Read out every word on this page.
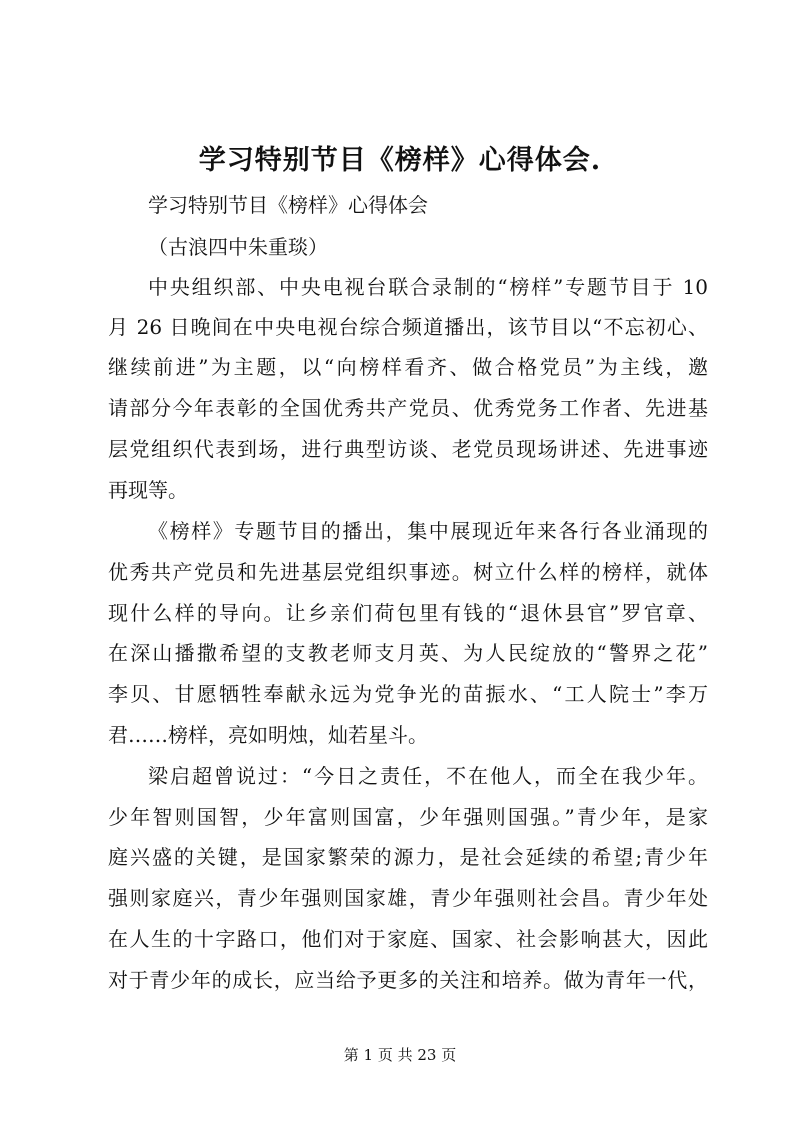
学习特别节目《榜样》心得体会.
学习特别节目《榜样》心得体会
（古浪四中朱重琰）
中央组织部、中央电视台联合录制的“榜样”专题节目于 10
月 26 日晚间在中央电视台综合频道播出，该节目以“不忘初心、
继续前进”为主题，以“向榜样看齐、做合格党员”为主线，邀
请部分今年表彰的全国优秀共产党员、优秀党务工作者、先进基
层党组织代表到场，进行典型访谈、老党员现场讲述、先进事迹
再现等。
《榜样》专题节目的播出，集中展现近年来各行各业涌现的
优秀共产党员和先进基层党组织事迹。树立什么样的榜样，就体
现什么样的导向。让乡亲们荷包里有钱的“退休县官”罗官章、
在深山播撒希望的支教老师支月英、为人民绽放的“警界之花”
李贝、甘愿牺牲奉献永远为党争光的苗振水、“工人院士”李万
君……榜样，亮如明烛，灿若星斗。
梁启超曾说过：“今日之责任，不在他人，而全在我少年。
少年智则国智，少年富则国富，少年强则国强。”青少年，是家
庭兴盛的关键，是国家繁荣的源力，是社会延续的希望;青少年
强则家庭兴，青少年强则国家雄，青少年强则社会昌。青少年处
在人生的十字路口，他们对于家庭、国家、社会影响甚大，因此
对于青少年的成长，应当给予更多的关注和培养。做为青年一代，
第 1 页 共 23 页
